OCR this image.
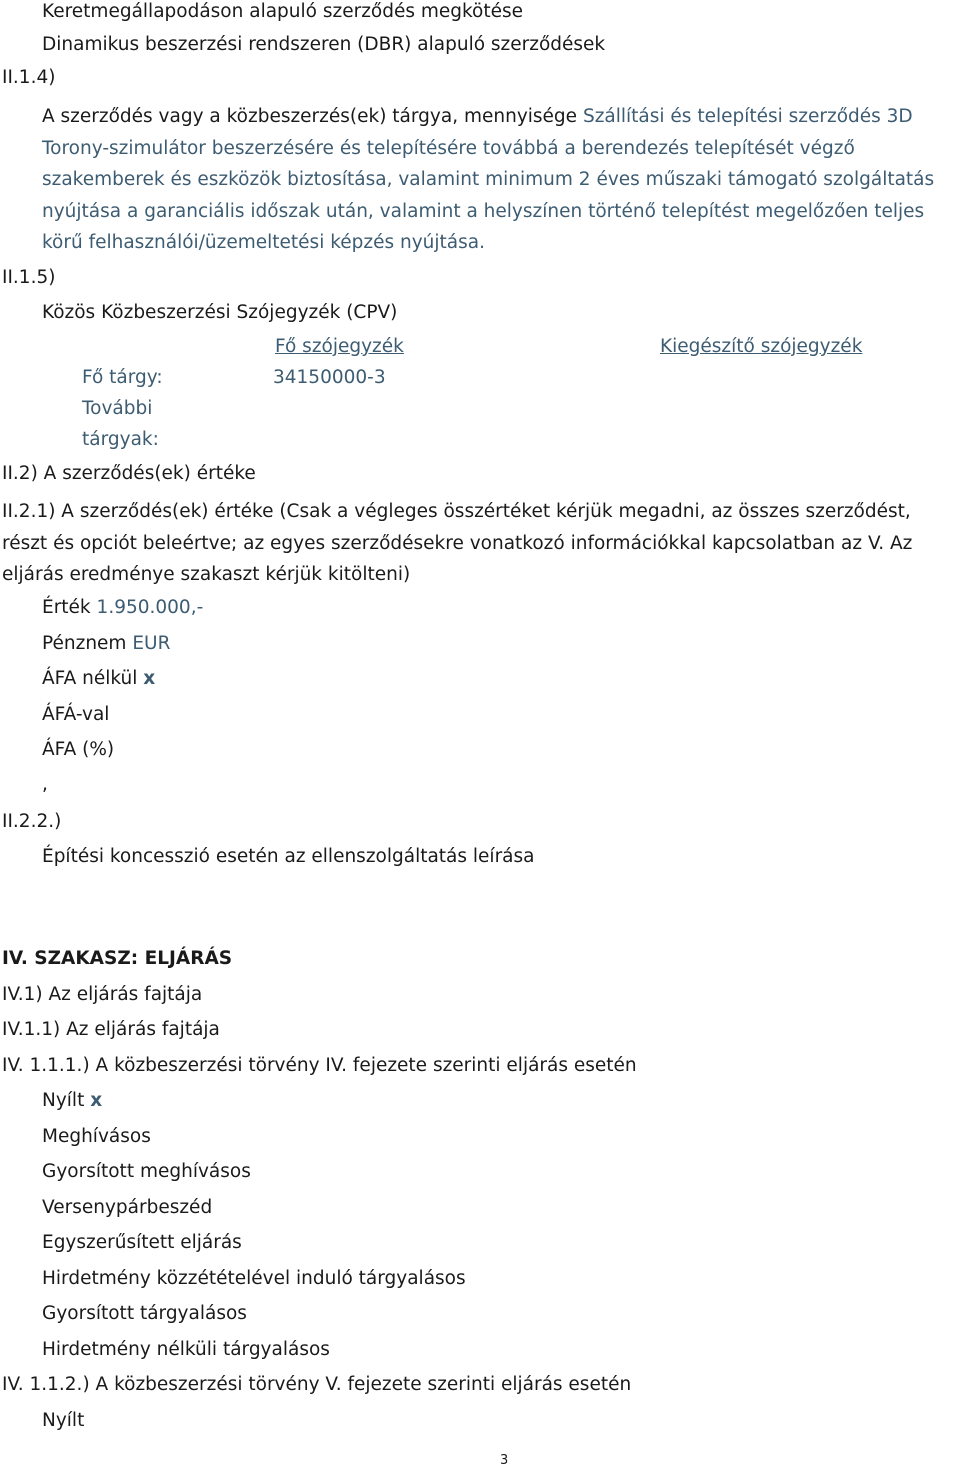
Keretmegállapodáson alapuló szerződés megkötése
Dinamikus beszerzési rendszeren (DBR) alapuló szerződések
II.1.4)
A szerződés vagy a közbeszerzés(ek) tárgya, mennyisége Szállítási és telepítési szerződés 3D Torony-szimulátor beszerzésére és telepítésére továbbá a berendezés telepítését végző szakemberek és eszközök biztosítása, valamint minimum 2 éves műszaki támogató szolgáltatás nyújtása a garanciális időszak után, valamint a helyszínen történő telepítést megelőzően teljes körű felhasználói/üzemeltetési képzés nyújtása.
II.1.5)
Közös Közbeszerzési Szójegyzék (CPV)
Fő szójegyzék	Kiegészítő szójegyzék
Fő tárgy:	34150000-3
További
tárgyak:
II.2) A szerződés(ek) értéke
II.2.1) A szerződés(ek) értéke (Csak a végleges összértéket kérjük megadni, az összes szerződést, részt és opciót beleértve; az egyes szerződésekre vonatkozó információkkal kapcsolatban az V. Az eljárás eredménye szakaszt kérjük kitölteni)
Érték 1.950.000,-
Pénznem EUR
ÁFA nélkül x
ÁFÁ-val
ÁFA (%)
,
II.2.2.)
Építési koncesszió esetén az ellenszolgáltatás leírása
IV. SZAKASZ: ELJÁRÁS
IV.1) Az eljárás fajtája
IV.1.1) Az eljárás fajtája
IV. 1.1.1.) A közbeszerzési törvény IV. fejezete szerinti eljárás esetén
Nyílt x
Meghívásos
Gyorsított meghívásos
Versenypárbeszéd
Egyszerűsített eljárás
Hirdetmény közzétételével induló tárgyalásos
Gyorsított tárgyalásos
Hirdetmény nélküli tárgyalásos
IV. 1.1.2.) A közbeszerzési törvény V. fejezete szerinti eljárás esetén
Nyílt
3
